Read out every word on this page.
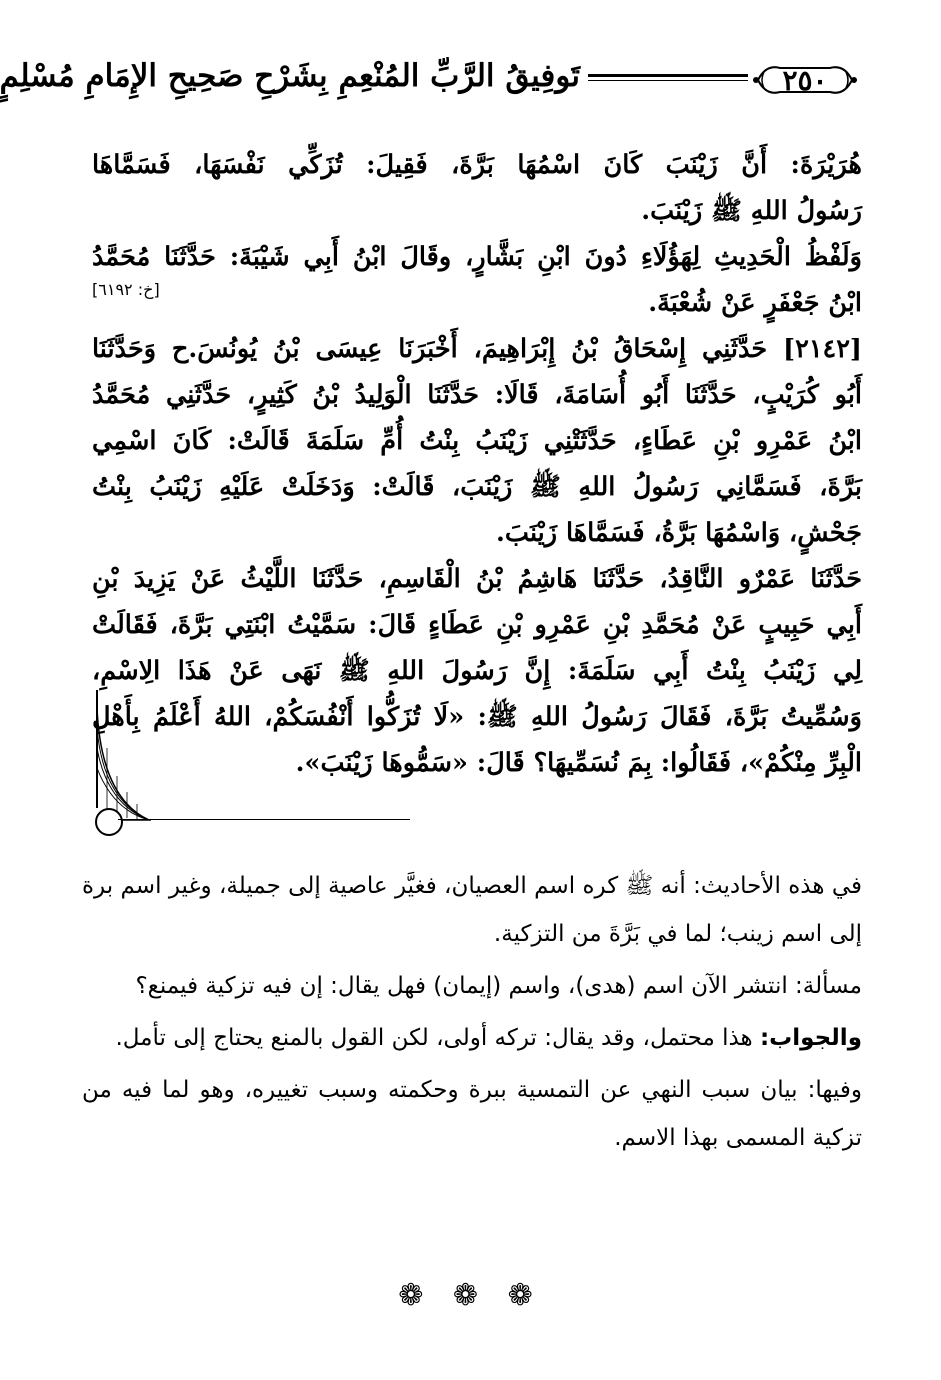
٢٥٠
تَوفِيقُ الرَّبِّ المُنْعِمِ بِشَرْحِ صَحِيحِ الإِمَامِ مُسْلِمٍ
هُرَيْرَةَ: أَنَّ زَيْنَبَ كَانَ اسْمُهَا بَرَّةَ، فَقِيلَ: تُزَكِّي نَفْسَهَا، فَسَمَّاهَا
رَسُولُ اللهِ ﷺ زَيْنَبَ.
وَلَفْظُ الْحَدِيثِ لِهَؤُلَاءِ دُونَ ابْنِ بَشَّارٍ، وقَالَ ابْنُ أَبِي شَيْبَةَ: حَدَّثَنَا مُحَمَّدُ
ابْنُ جَعْفَرٍ عَنْ شُعْبَةَ.
[خ: ٦١٩٢]
[٢١٤٢] حَدَّثَنِي إِسْحَاقُ بْنُ إِبْرَاهِيمَ، أَخْبَرَنَا عِيسَى بْنُ يُونُسَ.ح وَحَدَّثَنَا
أَبُو كُرَيْبٍ، حَدَّثَنَا أَبُو أُسَامَةَ، قَالَا: حَدَّثَنَا الْوَلِيدُ بْنُ كَثِيرٍ، حَدَّثَنِي مُحَمَّدُ
ابْنُ عَمْرِو بْنِ عَطَاءٍ، حَدَّثَتْنِي زَيْنَبُ بِنْتُ أُمِّ سَلَمَةَ قَالَتْ: كَانَ اسْمِي
بَرَّةَ، فَسَمَّانِي رَسُولُ اللهِ ﷺ زَيْنَبَ، قَالَتْ: وَدَخَلَتْ عَلَيْهِ زَيْنَبُ بِنْتُ
جَحْشٍ، وَاسْمُهَا بَرَّةُ، فَسَمَّاهَا زَيْنَبَ.
حَدَّثَنَا عَمْرٌو النَّاقِدُ، حَدَّثَنَا هَاشِمُ بْنُ الْقَاسِمِ، حَدَّثَنَا اللَّيْثُ عَنْ يَزِيدَ بْنِ
أَبِي حَبِيبٍ عَنْ مُحَمَّدِ بْنِ عَمْرِو بْنِ عَطَاءٍ قَالَ: سَمَّيْتُ ابْنَتِي بَرَّةَ، فَقَالَتْ
لِي زَيْنَبُ بِنْتُ أَبِي سَلَمَةَ: إِنَّ رَسُولَ اللهِ ﷺ نَهَى عَنْ هَذَا الِاسْمِ،
وَسُمِّيتُ بَرَّةَ، فَقَالَ رَسُولُ اللهِ ﷺ: «لَا تُزَكُّوا أَنْفُسَكُمْ، اللهُ أَعْلَمُ بِأَهْلِ
الْبِرِّ مِنْكُمْ»، فَقَالُوا: بِمَ نُسَمِّيهَا؟ قَالَ: «سَمُّوهَا زَيْنَبَ».

في هذه الأحاديث: أنه ﷺ كره اسم العصيان، فغيَّر عاصية إلى جميلة، وغير اسم برة إلى اسم زينب؛ لما في بَرَّةَ من التزكية.

مسألة: انتشر الآن اسم (هدى)، واسم (إيمان) فهل يقال: إن فيه تزكية فيمنع؟

والجواب: هذا محتمل، وقد يقال: تركه أولى، لكن القول بالمنع يحتاج إلى تأمل.

وفيها: بيان سبب النهي عن التمسية ببرة وحكمته وسبب تغييره، وهو لما فيه من تزكية المسمى بهذا الاسم.

❁ ❁ ❁
